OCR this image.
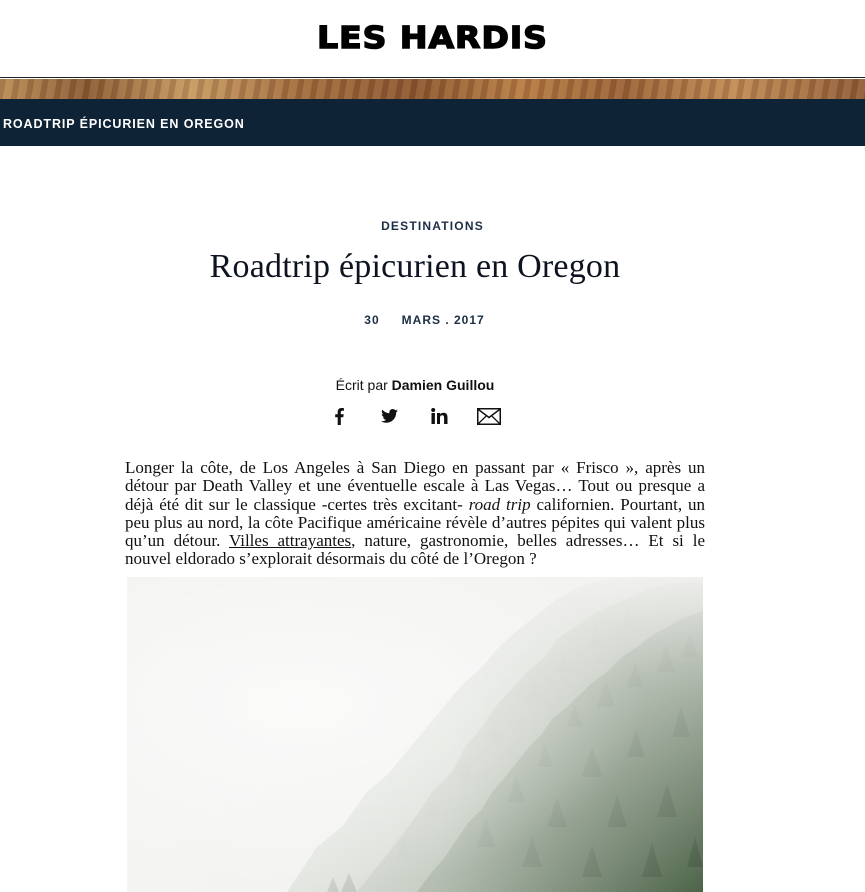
LES HARDIS
ROADTRIP ÉPICURIEN EN OREGON
DESTINATIONS
Roadtrip épicurien en Oregon
30 MARS . 2017
Écrit par Damien Guillou

Longer la côte, de Los Angeles à San Diego en passant par « Frisco », après un détour par Death Valley et une éventuelle escale à Las Vegas… Tout ou presque a déjà été dit sur le classique -certes très excitant- road trip californien. Pourtant, un peu plus au nord, la côte Pacifique américaine révèle d’autres pépites qui valent plus qu’un détour. Villes attrayantes, nature, gastronomie, belles adresses… Et si le nouvel eldorado s’explorait désormais du côté de l’Oregon ?
